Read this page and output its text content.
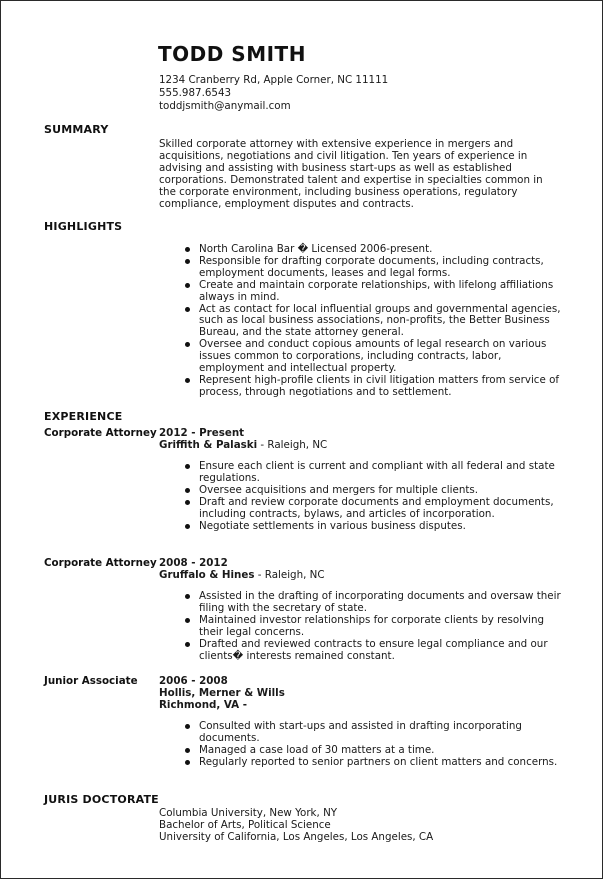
TODD SMITH
1234 Cranberry Rd, Apple Corner, NC 11111
555.987.6543
toddjsmith@anymail.com
SUMMARY

Skilled corporate attorney with extensive experience in mergers and acquisitions, negotiations and civil litigation. Ten years of experience in advising and assisting with business start-ups as well as established corporations. Demonstrated talent and expertise in specialties common in the corporate environment, including business operations, regulatory compliance, employment disputes and contracts.

HIGHLIGHTS
North Carolina Bar � Licensed 2006-present.
Responsible for drafting corporate documents, including contracts, employment documents, leases and legal forms.
Create and maintain corporate relationships, with lifelong affiliations always in mind.
Act as contact for local influential groups and governmental agencies, such as local business associations, non-profits, the Better Business Bureau, and the state attorney general.
Oversee and conduct copious amounts of legal research on various issues common to corporations, including contracts, labor, employment and intellectual property.
Represent high-profile clients in civil litigation matters from service of process, through negotiations and to settlement.
EXPERIENCE
Corporate Attorney 2012 - Present
Griffith & Palaski - Raleigh, NC
Ensure each client is current and compliant with all federal and state regulations.
Oversee acquisitions and mergers for multiple clients.
Draft and review corporate documents and employment documents, including contracts, bylaws, and articles of incorporation.
Negotiate settlements in various business disputes.
Corporate Attorney 2008 - 2012
Gruffalo & Hines - Raleigh, NC
Assisted in the drafting of incorporating documents and oversaw their filing with the secretary of state.
Maintained investor relationships for corporate clients by resolving their legal concerns.
Drafted and reviewed contracts to ensure legal compliance and our clients� interests remained constant.
Junior Associate 2006 - 2008
Hollis, Merner & Wills
Richmond, VA -
Consulted with start-ups and assisted in drafting incorporating documents.
Managed a case load of 30 matters at a time.
Regularly reported to senior partners on client matters and concerns.
JURIS DOCTORATE
Columbia University, New York, NY
Bachelor of Arts, Political Science
University of California, Los Angeles, Los Angeles, CA
